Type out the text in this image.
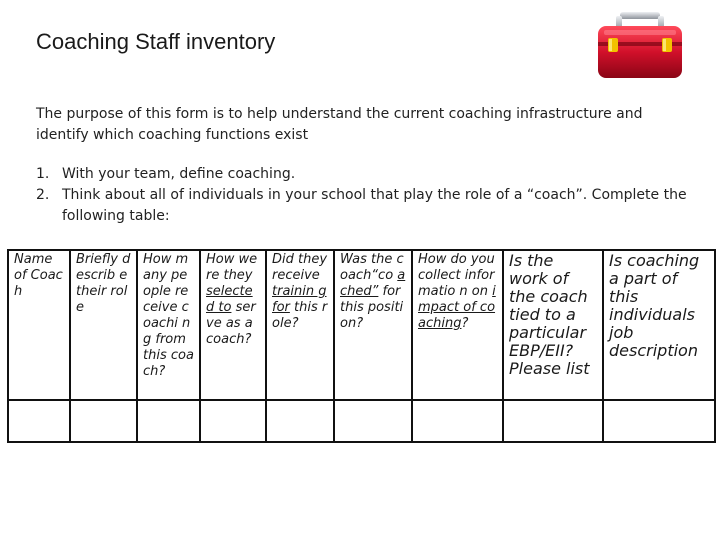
Coaching Staff inventory
The purpose of this form is to help understand the current coaching infrastructure and identify which coaching functions exist
1. With your team, define coaching.
2. Think about all of individuals in your school that play the role of a “coach”. Complete the following table:
Name of Coach	Briefly describ e their role	How many people receive coachi ng from this coach?	How were they selecte d to serve as a coach?	Did they receive trainin g for this role?	Was the coach“co ached” for this position?	How do you collect informatio n on impact of coaching?	Is the work of the coach tied to a particular EBP/EII? Please list	Is coaching a part of this individuals job description
